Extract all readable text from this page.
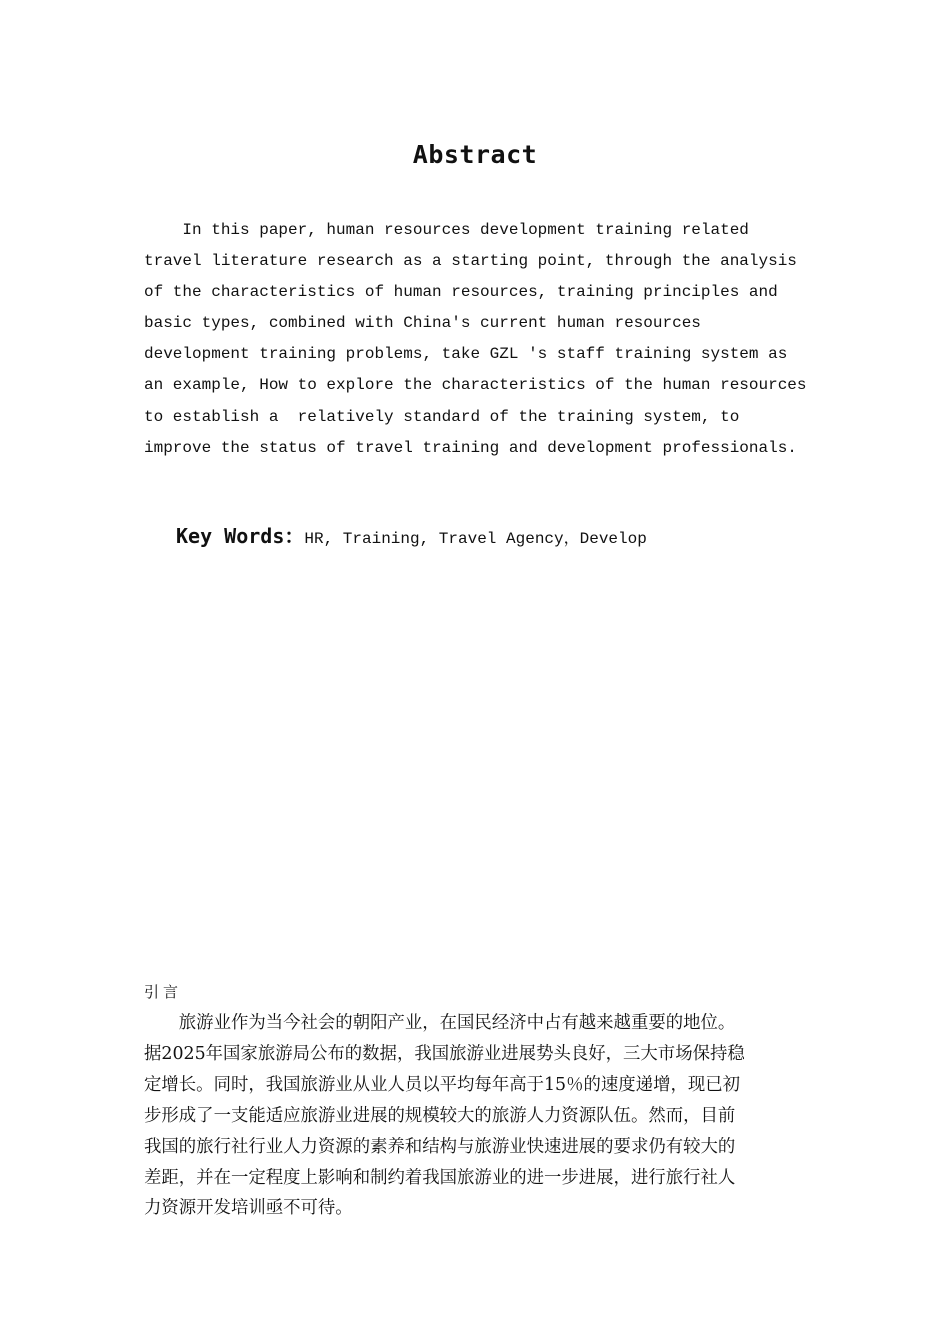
Abstract
In this paper, human resources development training related
travel literature research as a starting point, through the analysis
of the characteristics of human resources, training principles and
basic types, combined with China's current human resources
development training problems, take GZL 's staff training system as
an example, How to explore the characteristics of the human resources
to establish a  relatively standard of the training system, to
improve the status of travel training and development professionals.
Key Words：HR, Training, Travel Agency，Develop
引言
　　旅游业作为当今社会的朝阳产业，在国民经济中占有越来越重要的地位。
据2025年国家旅游局公布的数据，我国旅游业进展势头良好，三大市场保持稳
定增长。同时，我国旅游业从业人员以平均每年高于15％的速度递增，现已初
步形成了一支能适应旅游业进展的规模较大的旅游人力资源队伍。然而，目前
我国的旅行社行业人力资源的素养和结构与旅游业快速进展的要求仍有较大的
差距，并在一定程度上影响和制约着我国旅游业的进一步进展，进行旅行社人
力资源开发培训亟不可待。
